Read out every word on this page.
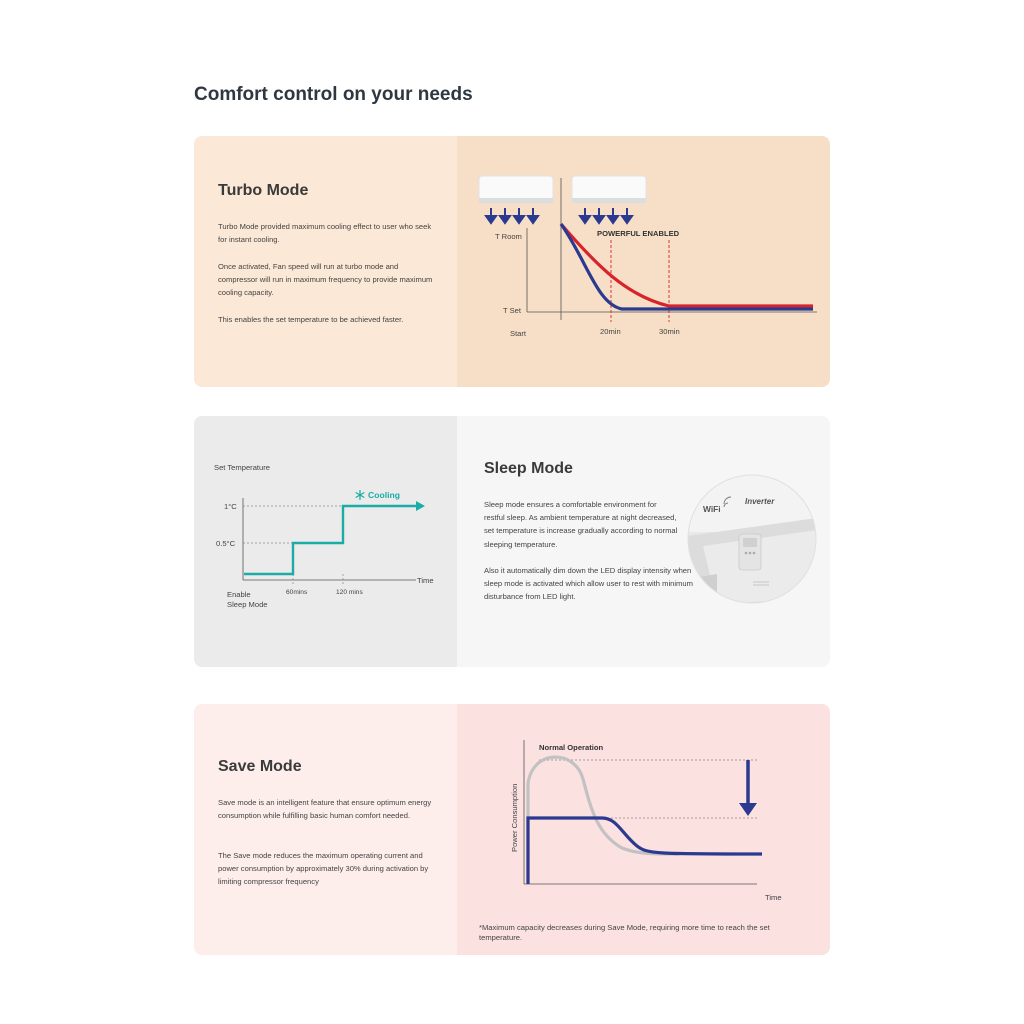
Comfort control on your needs
Turbo Mode

Turbo Mode provided maximum cooling effect to user who seek for instant cooling.

Once activated, Fan speed will run at turbo mode and compressor will run in maximum frequency to provide maximum cooling capacity.

This enables the set temperature to be achieved faster.

POWERFUL ENABLED
T Room
T Set
Start	20min	30min
Set Temperature
Cooling
1°C
0.5°C
Time
60mins	120 mins
Enable
Sleep Mode
Sleep Mode

Sleep mode ensures a comfortable environment for restful sleep. As ambient temperature at night decreased, set temperature is increase gradually according to normal sleeping temperature.

Also it automatically dim down the LED display intensity when sleep mode is activated which allow user to rest with minimum disturbance from LED light.

WiFi
Inverter
Save Mode

Save mode is an intelligent feature that ensure optimum energy consumption while fulfilling basic human comfort needed.

The Save mode reduces the maximum operating current and power consumption by approximately 30% during activation by limiting compressor frequency

Normal Operation
Power Consumption
Time

*Maximum capacity decreases during Save Mode, requiring more time to reach the set temperature.
